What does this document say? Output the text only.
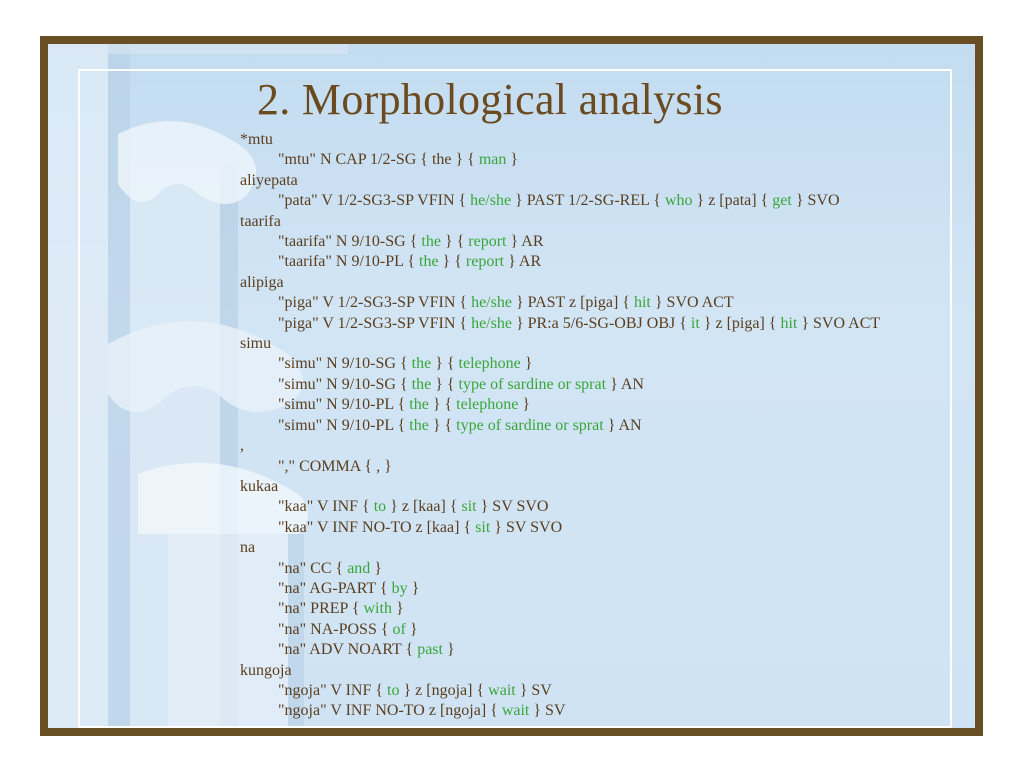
2. Morphological analysis
*mtu
"mtu" N CAP 1/2-SG { the } { man }
aliyepata
"pata" V 1/2-SG3-SP VFIN { he/she } PAST 1/2-SG-REL { who } z [pata] { get } SVO
taarifa
"taarifa" N 9/10-SG { the } { report } AR
"taarifa" N 9/10-PL { the } { report } AR
alipiga
"piga" V 1/2-SG3-SP VFIN { he/she } PAST z [piga] { hit } SVO ACT
"piga" V 1/2-SG3-SP VFIN { he/she } PR:a 5/6-SG-OBJ OBJ { it } z [piga] { hit } SVO ACT
simu
"simu" N 9/10-SG { the } { telephone }
"simu" N 9/10-SG { the } { type of sardine or sprat } AN
"simu" N 9/10-PL { the } { telephone }
"simu" N 9/10-PL { the } { type of sardine or sprat } AN
,
"," COMMA { , }
kukaa
"kaa" V INF { to } z [kaa] { sit } SV SVO
"kaa" V INF NO-TO z [kaa] { sit } SV SVO
na
"na" CC { and }
"na" AG-PART { by }
"na" PREP { with }
"na" NA-POSS { of }
"na" ADV NOART { past }
kungoja
"ngoja" V INF { to } z [ngoja] { wait } SV
"ngoja" V INF NO-TO z [ngoja] { wait } SV
